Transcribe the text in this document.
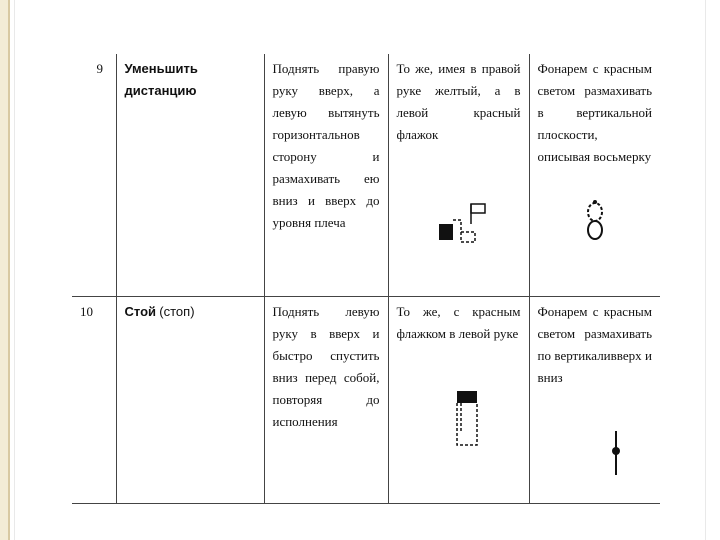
9	Уменьшить дистанцию	Поднять правую руку вверх, а левую вытянуть горизонтальнов сторону и размахивать ею вниз и вверх до уровня плеча	То же, имея в правой руке желтый, а в левой красный флажок	Фонарем с красным светом размахивать в вертикальной плоскости, описывая восьмерку

10	Стой (стоп)	Поднять левую руку в вверх и быстро спустить вниз перед собой, повторяя до исполнения	То же, с красным флажком в левой руке	Фонарем с красным светом размахивать по вертикаливверх и вниз
